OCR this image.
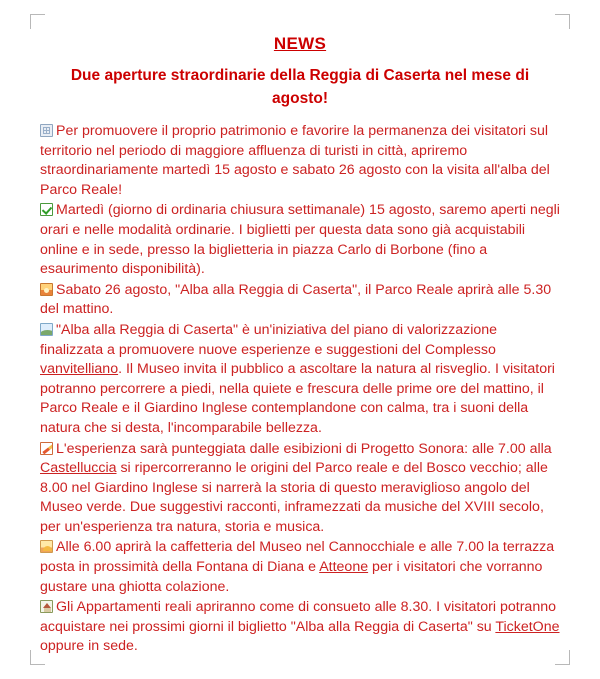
NEWS
Due aperture straordinarie della Reggia di Caserta nel mese di agosto!

Per promuovere il proprio patrimonio e favorire la permanenza dei visitatori sul territorio nel periodo di maggiore affluenza di turisti in città, apriremo straordinariamente martedì 15 agosto e sabato 26 agosto con la visita all'alba del Parco Reale!

Martedì (giorno di ordinaria chiusura settimanale) 15 agosto, saremo aperti negli orari e nelle modalità ordinarie. I biglietti per questa data sono già acquistabili online e in sede, presso la biglietteria in piazza Carlo di Borbone (fino a esaurimento disponibilità).

Sabato 26 agosto, "Alba alla Reggia di Caserta", il Parco Reale aprirà alle 5.30 del mattino.

"Alba alla Reggia di Caserta" è un'iniziativa del piano di valorizzazione finalizzata a promuovere nuove esperienze e suggestioni del Complesso vanvitelliano. Il Museo invita il pubblico a ascoltare la natura al risveglio. I visitatori potranno percorrere a piedi, nella quiete e frescura delle prime ore del mattino, il Parco Reale e il Giardino Inglese contemplandone con calma, tra i suoni della natura che si desta, l'incomparabile bellezza.

L'esperienza sarà punteggiata dalle esibizioni di Progetto Sonora: alle 7.00 alla Castelluccia si ripercorreranno le origini del Parco reale e del Bosco vecchio; alle 8.00 nel Giardino Inglese si narrerà la storia di questo meraviglioso angolo del Museo verde. Due suggestivi racconti, inframezzati da musiche del XVIII secolo, per un'esperienza tra natura, storia e musica.

Alle 6.00 aprirà la caffetteria del Museo nel Cannocchiale e alle 7.00 la terrazza posta in prossimità della Fontana di Diana e Atteone per i visitatori che vorranno gustare una ghiotta colazione.

Gli Appartamenti reali apriranno come di consueto alle 8.30. I visitatori potranno acquistare nei prossimi giorni il biglietto "Alba alla Reggia di Caserta" su TicketOne oppure in sede.
